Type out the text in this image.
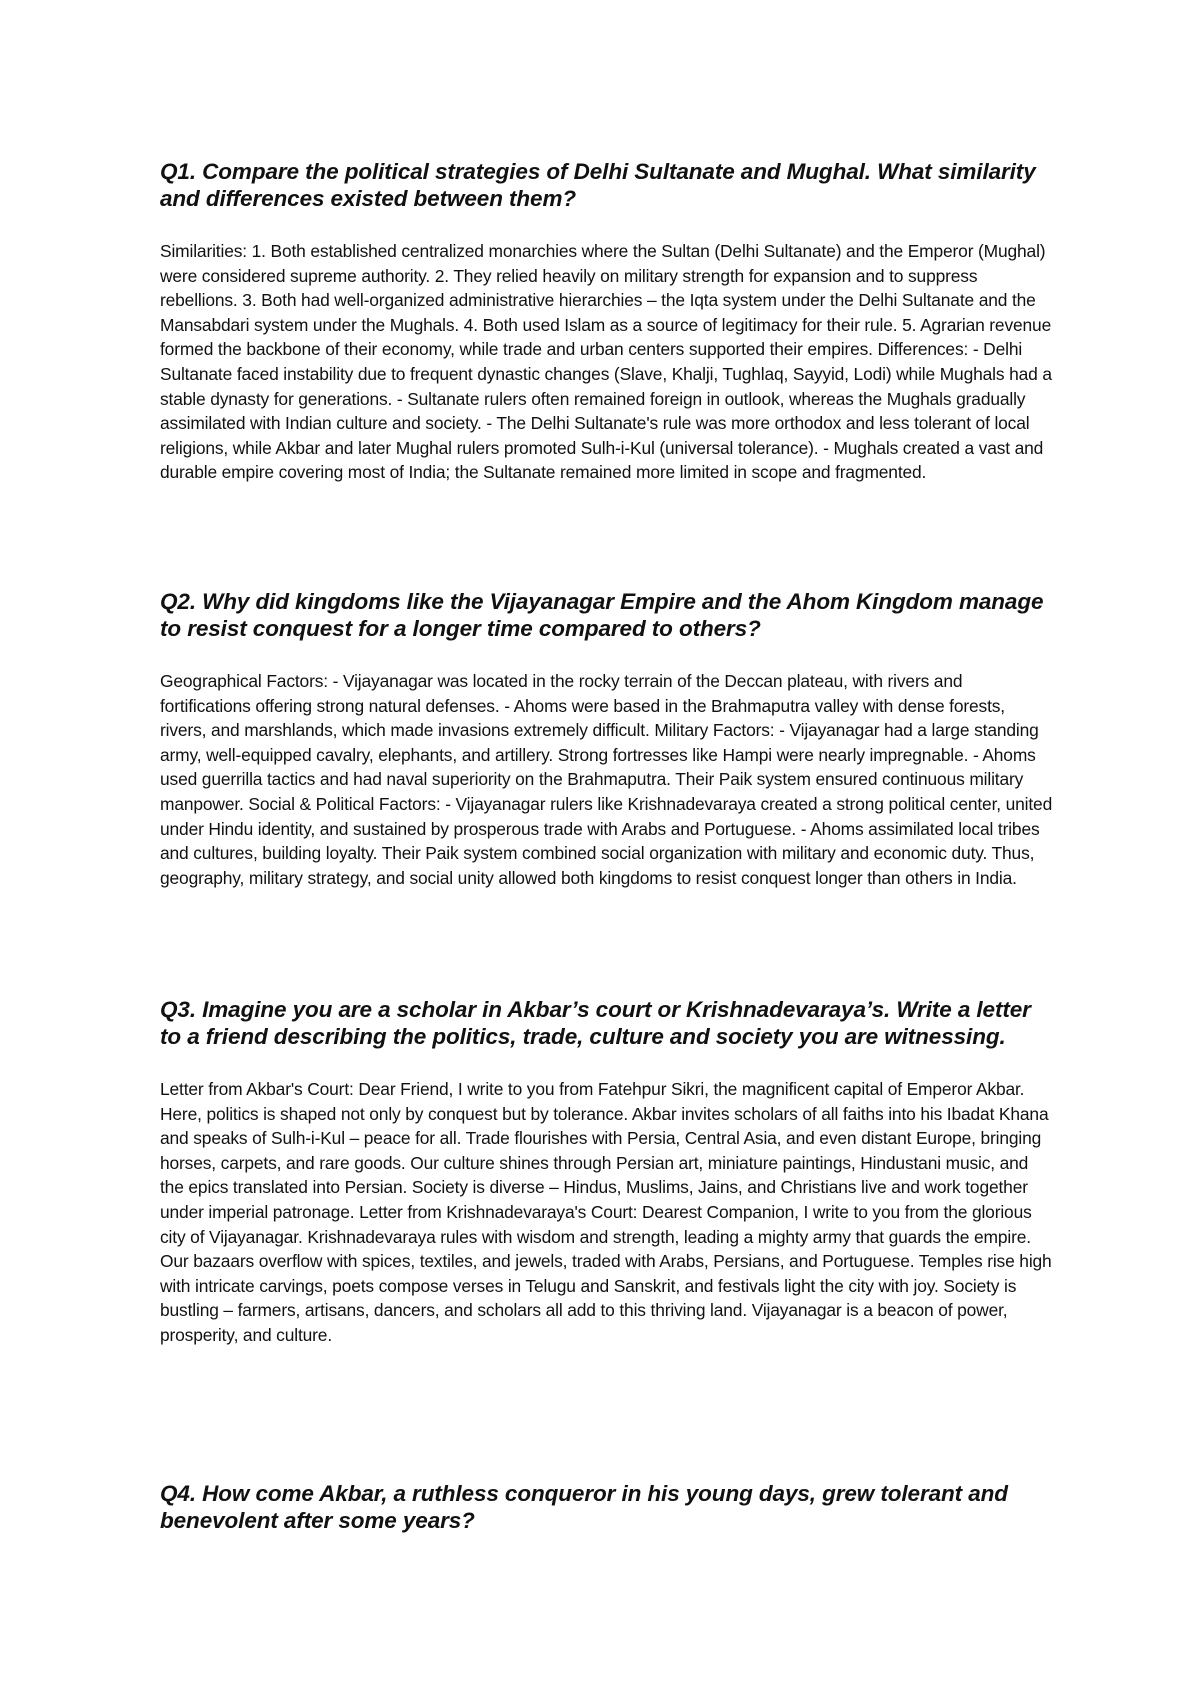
Q1. Compare the political strategies of Delhi Sultanate and Mughal. What similarity and differences existed between them?

Similarities: 1. Both established centralized monarchies where the Sultan (Delhi Sultanate) and the Emperor (Mughal) were considered supreme authority. 2. They relied heavily on military strength for expansion and to suppress rebellions. 3. Both had well-organized administrative hierarchies – the Iqta system under the Delhi Sultanate and the Mansabdari system under the Mughals. 4. Both used Islam as a source of legitimacy for their rule. 5. Agrarian revenue formed the backbone of their economy, while trade and urban centers supported their empires. Differences: - Delhi Sultanate faced instability due to frequent dynastic changes (Slave, Khalji, Tughlaq, Sayyid, Lodi) while Mughals had a stable dynasty for generations. - Sultanate rulers often remained foreign in outlook, whereas the Mughals gradually assimilated with Indian culture and society. - The Delhi Sultanate's rule was more orthodox and less tolerant of local religions, while Akbar and later Mughal rulers promoted Sulh-i-Kul (universal tolerance). - Mughals created a vast and durable empire covering most of India; the Sultanate remained more limited in scope and fragmented.

Q2. Why did kingdoms like the Vijayanagar Empire and the Ahom Kingdom manage to resist conquest for a longer time compared to others?

Geographical Factors: - Vijayanagar was located in the rocky terrain of the Deccan plateau, with rivers and fortifications offering strong natural defenses. - Ahoms were based in the Brahmaputra valley with dense forests, rivers, and marshlands, which made invasions extremely difficult. Military Factors: - Vijayanagar had a large standing army, well-equipped cavalry, elephants, and artillery. Strong fortresses like Hampi were nearly impregnable. - Ahoms used guerrilla tactics and had naval superiority on the Brahmaputra. Their Paik system ensured continuous military manpower. Social & Political Factors: - Vijayanagar rulers like Krishnadevaraya created a strong political center, united under Hindu identity, and sustained by prosperous trade with Arabs and Portuguese. - Ahoms assimilated local tribes and cultures, building loyalty. Their Paik system combined social organization with military and economic duty. Thus, geography, military strategy, and social unity allowed both kingdoms to resist conquest longer than others in India.

Q3. Imagine you are a scholar in Akbar’s court or Krishnadevaraya’s. Write a letter to a friend describing the politics, trade, culture and society you are witnessing.

Letter from Akbar's Court: Dear Friend, I write to you from Fatehpur Sikri, the magnificent capital of Emperor Akbar. Here, politics is shaped not only by conquest but by tolerance. Akbar invites scholars of all faiths into his Ibadat Khana and speaks of Sulh-i-Kul – peace for all. Trade flourishes with Persia, Central Asia, and even distant Europe, bringing horses, carpets, and rare goods. Our culture shines through Persian art, miniature paintings, Hindustani music, and the epics translated into Persian. Society is diverse – Hindus, Muslims, Jains, and Christians live and work together under imperial patronage. Letter from Krishnadevaraya's Court: Dearest Companion, I write to you from the glorious city of Vijayanagar. Krishnadevaraya rules with wisdom and strength, leading a mighty army that guards the empire. Our bazaars overflow with spices, textiles, and jewels, traded with Arabs, Persians, and Portuguese. Temples rise high with intricate carvings, poets compose verses in Telugu and Sanskrit, and festivals light the city with joy. Society is bustling – farmers, artisans, dancers, and scholars all add to this thriving land. Vijayanagar is a beacon of power, prosperity, and culture.

Q4. How come Akbar, a ruthless conqueror in his young days, grew tolerant and benevolent after some years?
